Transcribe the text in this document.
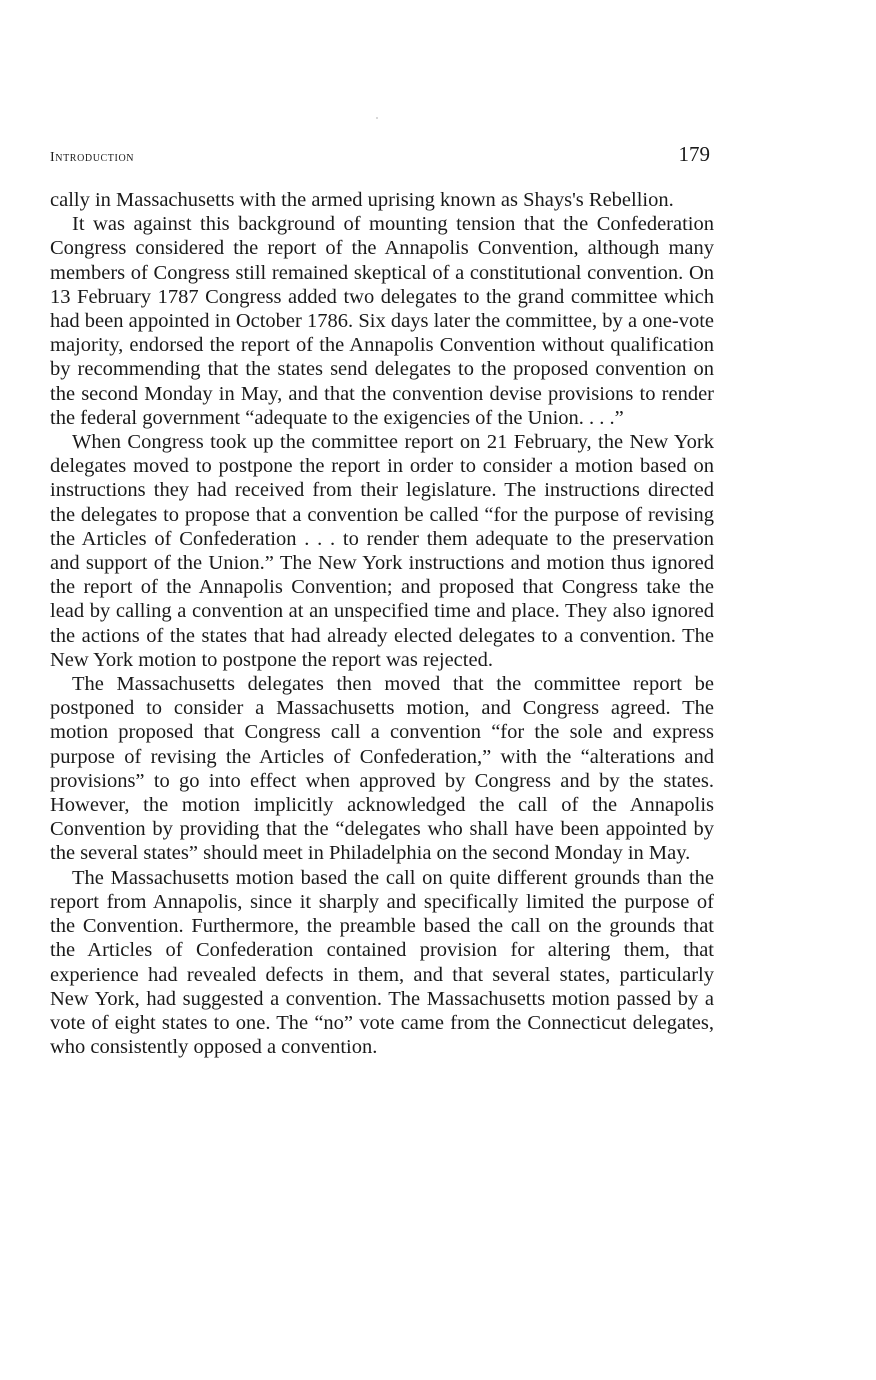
Introduction	179

cally in Massachusetts with the armed uprising known as Shays's Rebellion.

It was against this background of mounting tension that the Confederation Congress considered the report of the Annapolis Convention, although many members of Congress still remained skeptical of a constitutional convention. On 13 February 1787 Congress added two delegates to the grand committee which had been appointed in October 1786. Six days later the committee, by a one-vote majority, endorsed the report of the Annapolis Convention without qualification by recommending that the states send delegates to the proposed convention on the second Monday in May, and that the convention devise provisions to render the federal government “adequate to the exigencies of the Union. . . .”

When Congress took up the committee report on 21 February, the New York delegates moved to postpone the report in order to consider a motion based on instructions they had received from their legislature. The instructions directed the delegates to propose that a convention be called “for the purpose of revising the Articles of Confederation . . . to render them adequate to the preservation and support of the Union.” The New York instructions and motion thus ignored the report of the Annapolis Convention; and proposed that Congress take the lead by calling a convention at an unspecified time and place. They also ignored the actions of the states that had already elected delegates to a convention. The New York motion to postpone the report was rejected.

The Massachusetts delegates then moved that the committee report be postponed to consider a Massachusetts motion, and Congress agreed. The motion proposed that Congress call a convention “for the sole and express purpose of revising the Articles of Confederation,” with the “alterations and provisions” to go into effect when approved by Congress and by the states. However, the motion implicitly acknowledged the call of the Annapolis Convention by providing that the “delegates who shall have been appointed by the several states” should meet in Philadelphia on the second Monday in May.

The Massachusetts motion based the call on quite different grounds than the report from Annapolis, since it sharply and specifically limited the purpose of the Convention. Furthermore, the preamble based the call on the grounds that the Articles of Confederation contained provision for altering them, that experience had revealed defects in them, and that several states, particularly New York, had suggested a convention. The Massachusetts motion passed by a vote of eight states to one. The “no” vote came from the Connecticut delegates, who consistently opposed a convention.
